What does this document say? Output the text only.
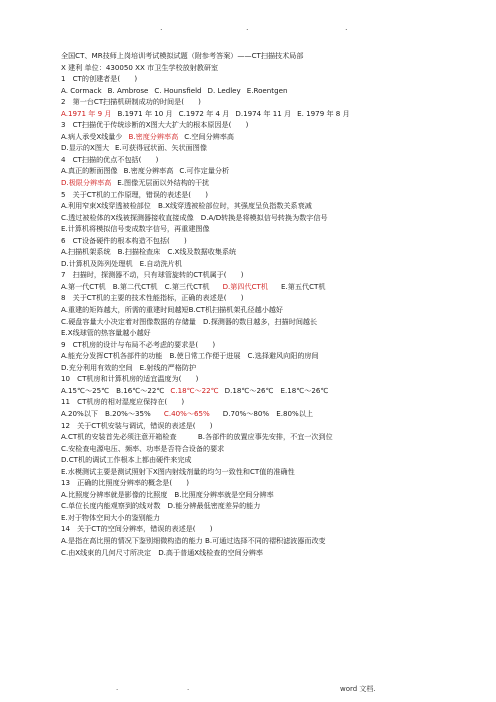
.	.	.
全国CT、MR技师上岗培训考试模拟试题（附参考答案）——CT扫描技术局部
X 建利 单位：430050 XX 市卫生学校放射教研室
1　CT的创建者是(　　)
A. Cormack B. Ambrose C. Hounsfield D. Ledley E.Roentgen
2　第一台CT扫描机研制成功的时间是(　　)
A.1971 年 9 月 B.1971 年 10 月 C.1972 年 4 月 D.1974 年 11 月 E. 1979 年 8 月
3　CT扫描优于传统诊断的X图大大扩大的根本原因是(　　)
A.病人承受X线量少 B.密度分辨率高 C.空间分辨率高
D.显示的X图大 E.可获得冠状面、矢状面图像
4　CT扫描的优点不包括(　　)
A.真正的断面图像 B.密度分辨率高 C.可作定量分析
D.极限分辨率高 E.图像无层面以外结构的干扰
5　关于CT机的工作原理，错误的表述是(　　)
A.利用窄束X线穿透被检部位　B.X线穿透被检部位时，其强度呈负指数关系衰减
C.透过被检体的X线被探测器接收直接成像　D.A/D转换是将模拟信号转换为数字信号
E.计算机将模拟信号变成数字信号，再重建图像
6　CT设备硬件的根本构造不包括(　　)
A.扫描机架系统　B.扫描检查床　C.X线及数据收集系统
D.计算机及阵列处理机　E.自动洗片机
7　扫描时，探测器不动，只有球管旋转的CT机属于(　　)
A.第一代CT机　B.第二代CT机　C.第三代CT机　D.第四代CT机　E.第五代CT机
8　关于CT机的主要的技术性能指标，正确的表述是(　　)
A.重建的矩阵越大，所需的重建时间越短B.CT机扫描机架孔径越小越好
C.硬盘容量大小决定着对图像数据的存储量　D.探测器的数目越多，扫描时间越长
E.X线球管的热容量越小越好
9　CT机房的设计与布局不必考虑的要求是(　　)
A.能充分发挥CT机各部件的功能　B.使日常工作便于进展　C.选择避风向阳的房间
D.充分利用有效的空间　E.射线的严格防护
10　CT机房和计算机房的适宜温度为(　　)
A.15℃～25℃　B.16℃～22℃ C.18℃～22℃ D.18℃～26℃　E.18℃～26℃
11　CT机房的相对湿度应保持在(　　)
A.20%以下　B.20%～35%　C.40%～65%　D.70%～80%　E.80%以上
12　关于CT机安装与调试，错误的表述是(　　)
A.CT机的安装首先必须注意开箱检查　　　B.各部件的放置应事先安排，不宜一次到位
C.安检查电源电压、频率、功率是否符合设备的要求
D.CT机的调试工作根本上都由硬件来完成
E.水模测试主要是测试照射下X图内射线剂量的均匀一致性和CT值的准确性
13　正确的比照度分辨率的概念是(　　)
A.比照度分辨率就是影像的比照度　B.比照度分辨率就是空间分辨率
C.单位长度内能观察到的线对数　D.能分辨最低密度差异的能力
E.对于物体空间大小的鉴别能力
14　关于CT的空间分辨率，错误的表述是(　　)
A.是指在高比照的情况下鉴别细微构造的能力 B.可通过选择不同的褶积滤波器而改变
C.由X线束的几何尺寸所决定　D.高于普通X线检查的空间分辨率
.	.	word 文档.
